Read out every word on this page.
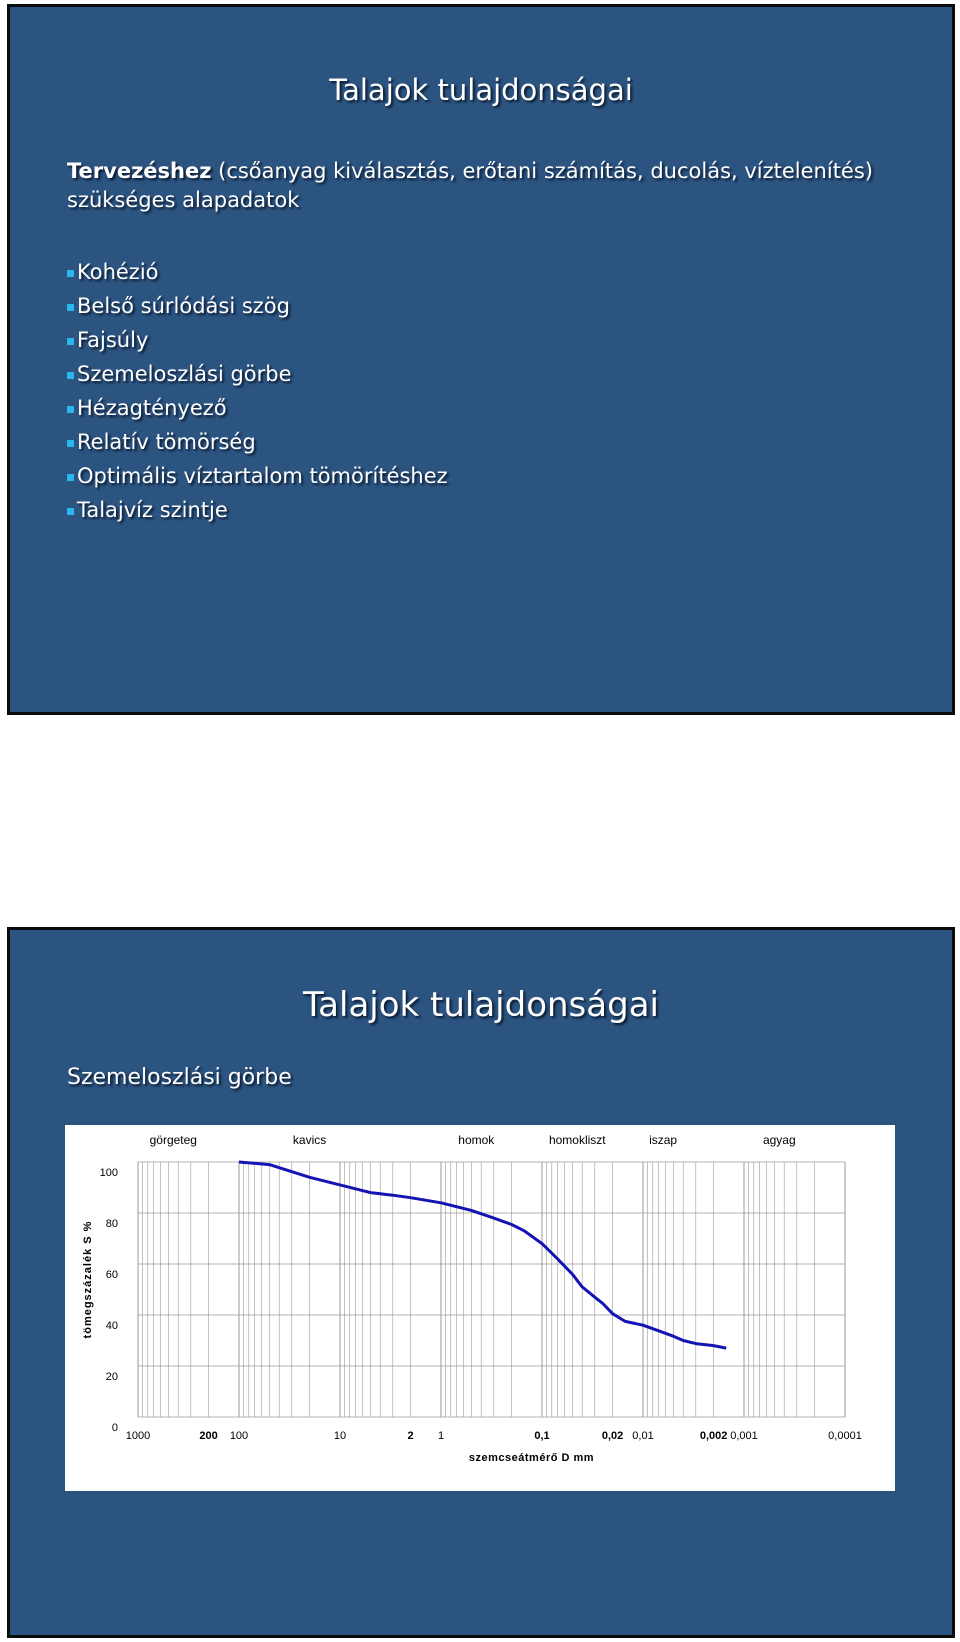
Talajok tulajdonságai
Tervezéshez (csőanyag kiválasztás, erőtani számítás, ducolás, víztelenítés) szükséges alapadatok
Kohézió
Belső súrlódási szög
Fajsúly
Szemeloszlási görbe
Hézagtényező
Relatív tömörség
Optimális víztartalom tömörítéshez
Talajvíz szintje
Talajok tulajdonságai
Szemeloszlási görbe
0
20
40
60
80
100
1000	200 100	10	2 1	0,1	0,02 0,01	0,002 0,001	0,0001
görgeteg	kavics	homok	homokliszt	iszap	agyag
szemcseátmérő D mm
tömegszázalék S %
